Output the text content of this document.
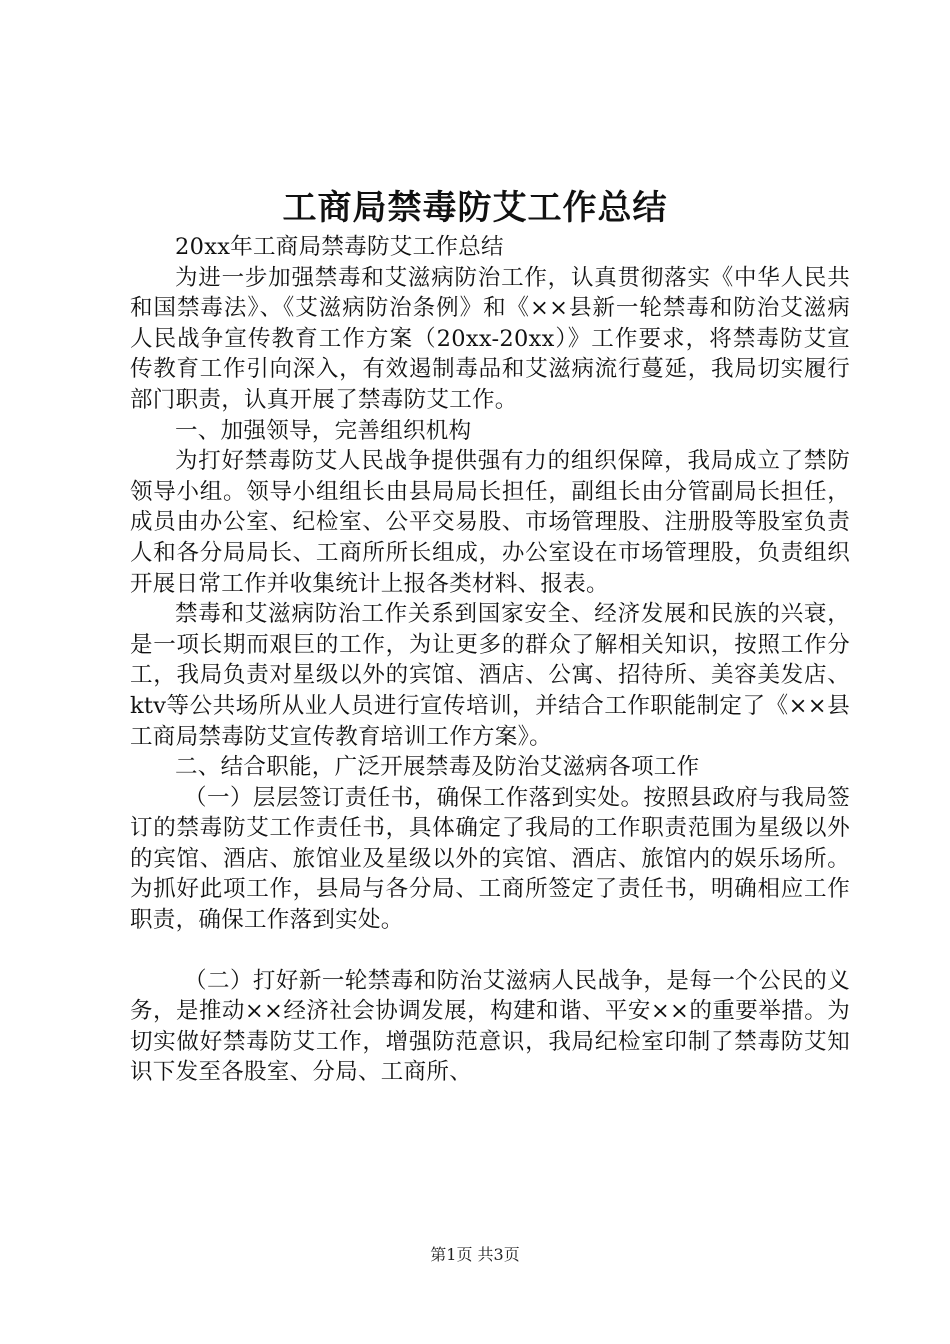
工商局禁毒防艾工作总结

20xx年工商局禁毒防艾工作总结

为进一步加强禁毒和艾滋病防治工作，认真贯彻落实《中华人民共和国禁毒法》、《艾滋病防治条例》和《××县新一轮禁毒和防治艾滋病人民战争宣传教育工作方案（20xx-20xx）》工作要求，将禁毒防艾宣传教育工作引向深入，有效遏制毒品和艾滋病流行蔓延，我局切实履行部门职责，认真开展了禁毒防艾工作。

一、加强领导，完善组织机构

为打好禁毒防艾人民战争提供强有力的组织保障，我局成立了禁防领导小组。领导小组组长由县局局长担任，副组长由分管副局长担任，成员由办公室、纪检室、公平交易股、市场管理股、注册股等股室负责人和各分局局长、工商所所长组成，办公室设在市场管理股，负责组织开展日常工作并收集统计上报各类材料、报表。

禁毒和艾滋病防治工作关系到国家安全、经济发展和民族的兴衰，是一项长期而艰巨的工作，为让更多的群众了解相关知识，按照工作分工，我局负责对星级以外的宾馆、酒店、公寓、招待所、美容美发店、ktv等公共场所从业人员进行宣传培训，并结合工作职能制定了《××县工商局禁毒防艾宣传教育培训工作方案》。

二、结合职能，广泛开展禁毒及防治艾滋病各项工作

（一）层层签订责任书，确保工作落到实处。按照县政府与我局签订的禁毒防艾工作责任书，具体确定了我局的工作职责范围为星级以外的宾馆、酒店、旅馆业及星级以外的宾馆、酒店、旅馆内的娱乐场所。为抓好此项工作，县局与各分局、工商所签定了责任书，明确相应工作职责，确保工作落到实处。

（二）打好新一轮禁毒和防治艾滋病人民战争，是每一个公民的义务，是推动××经济社会协调发展，构建和谐、平安××的重要举措。为切实做好禁毒防艾工作，增强防范意识，我局纪检室印制了禁毒防艾知识下发至各股室、分局、工商所、

第1页 共3页
